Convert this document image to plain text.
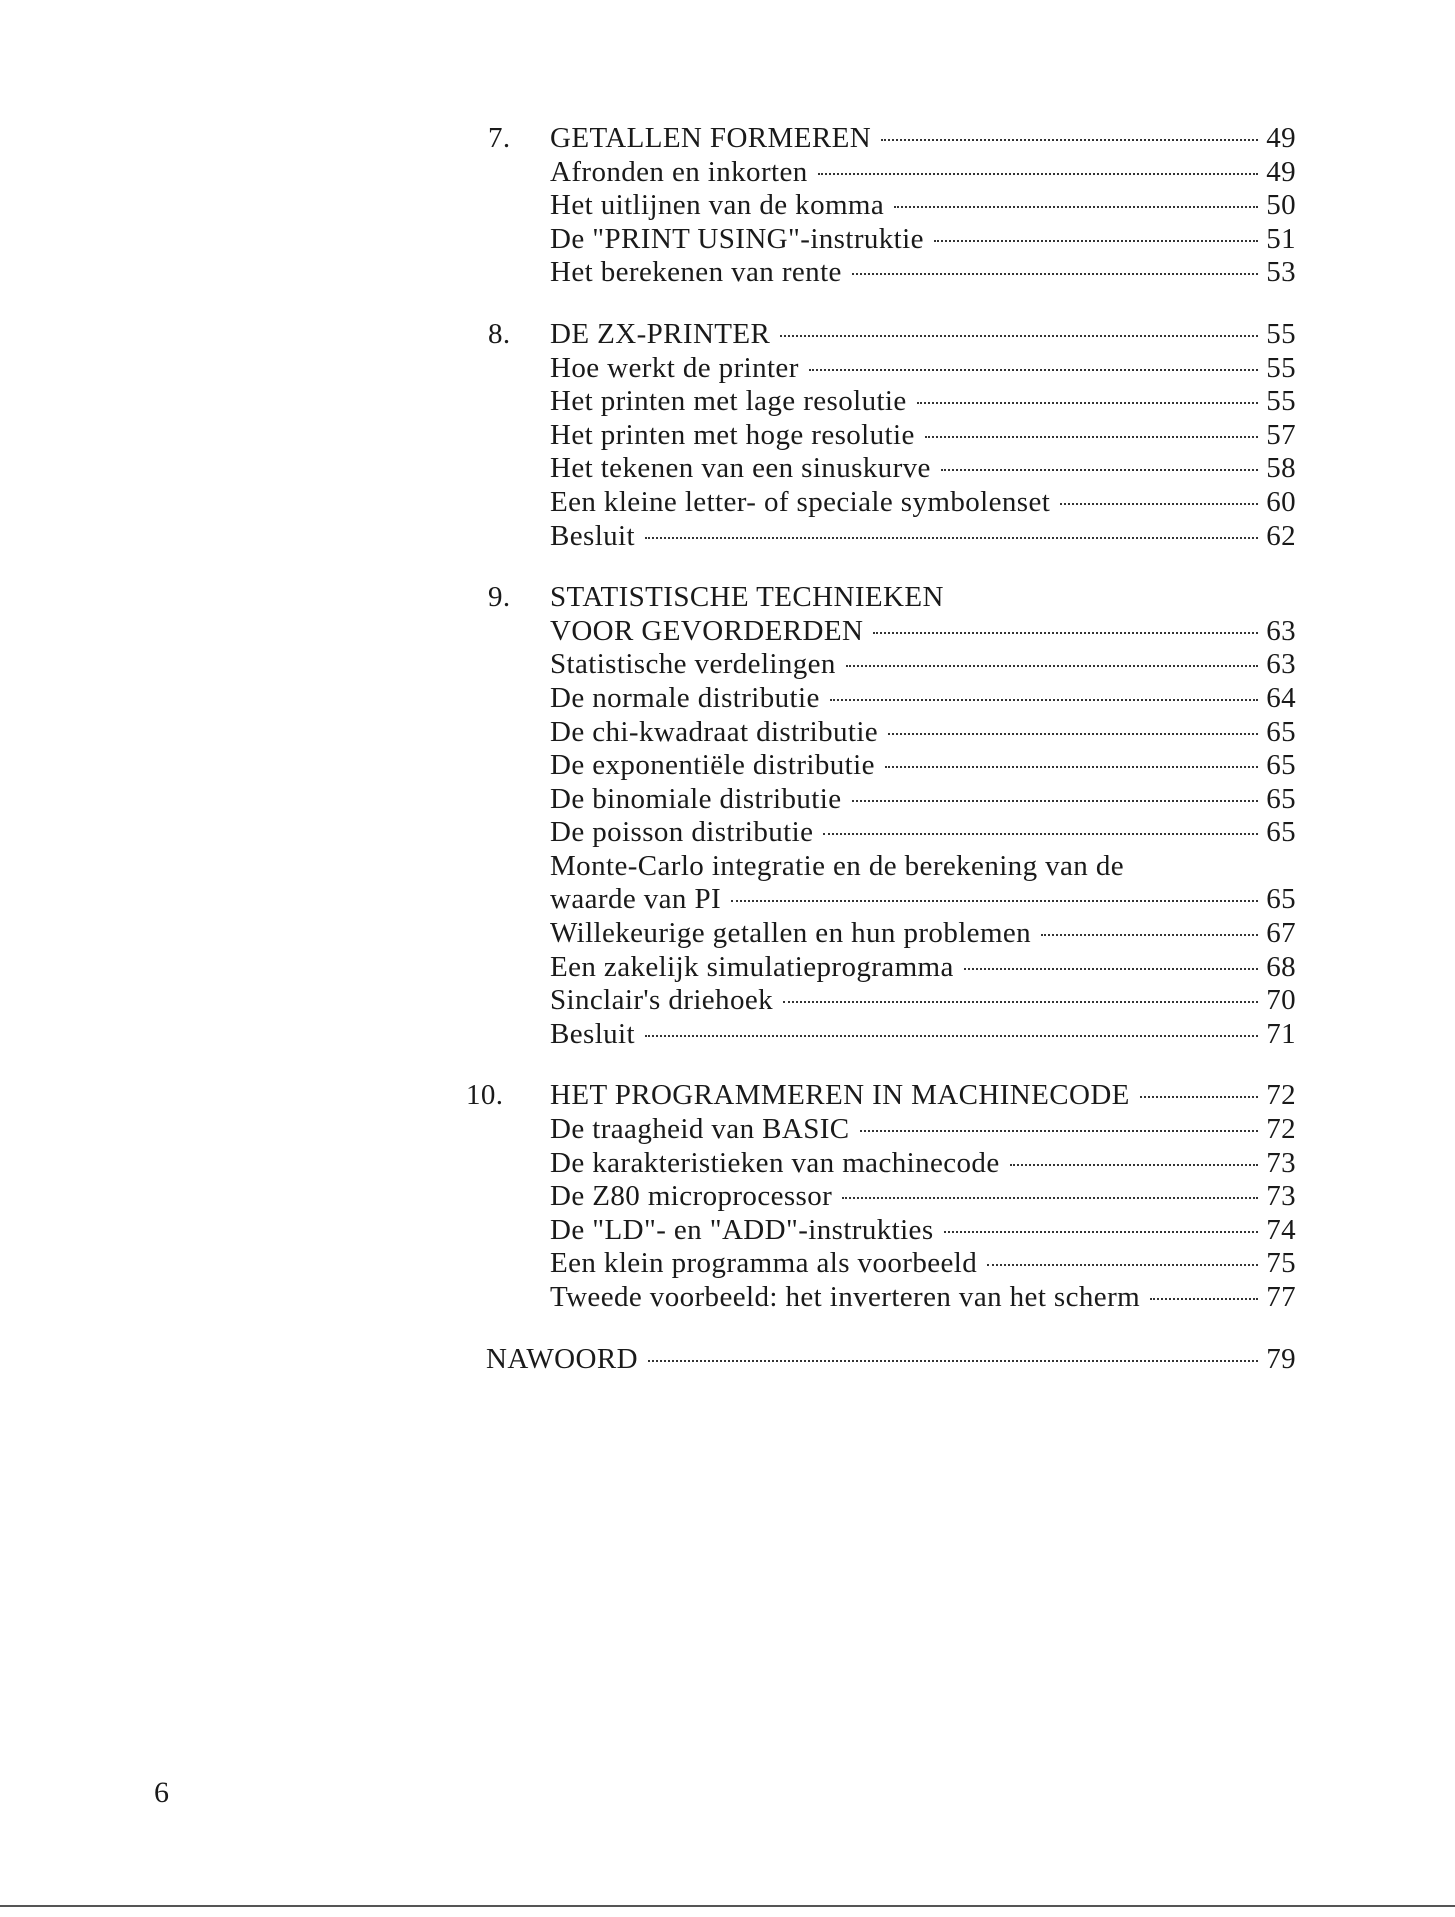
7. GETALLEN FORMEREN	49
Afronden en inkorten	49
Het uitlijnen van de komma	50
De "PRINT USING"-instruktie	51
Het berekenen van rente	53
8. DE ZX-PRINTER	55
Hoe werkt de printer	55
Het printen met lage resolutie	55
Het printen met hoge resolutie	57
Het tekenen van een sinuskurve	58
Een kleine letter- of speciale symbolenset	60
Besluit	62
9. STATISTISCHE TECHNIEKEN
VOOR GEVORDERDEN	63
Statistische verdelingen	63
De normale distributie	64
De chi-kwadraat distributie	65
De exponentiële distributie	65
De binomiale distributie	65
De poisson distributie	65
Monte-Carlo integratie en de berekening van de
waarde van PI	65
Willekeurige getallen en hun problemen	67
Een zakelijk simulatieprogramma	68
Sinclair's driehoek	70
Besluit	71
10. HET PROGRAMMEREN IN MACHINECODE	72
De traagheid van BASIC	72
De karakteristieken van machinecode	73
De Z80 microprocessor	73
De "LD"- en "ADD"-instrukties	74
Een klein programma als voorbeeld	75
Tweede voorbeeld: het inverteren van het scherm	77
NAWOORD	79
6
